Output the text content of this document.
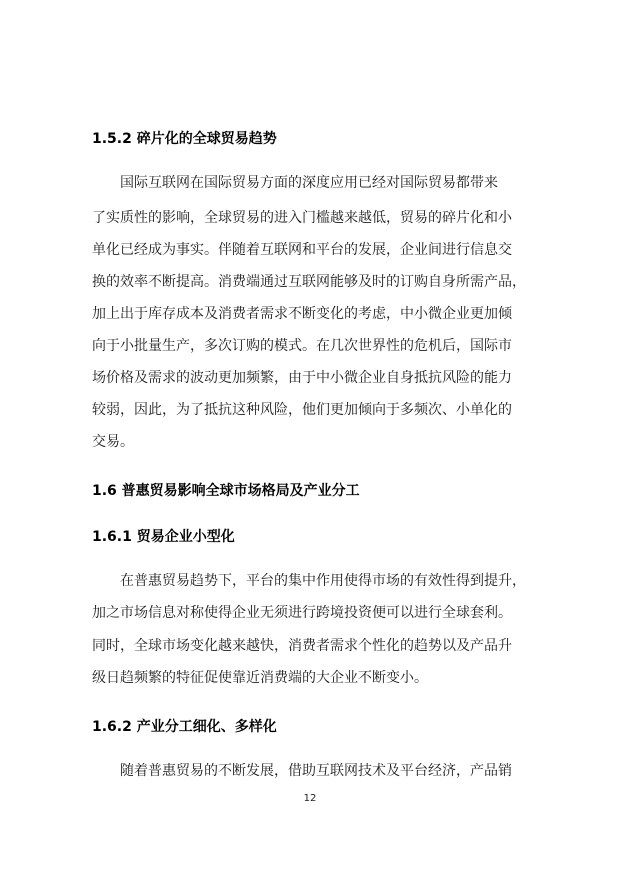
1.5.2 碎片化的全球贸易趋势
国际互联网在国际贸易方面的深度应用已经对国际贸易都带来
了实质性的影响，全球贸易的进入门槛越来越低，贸易的碎片化和小
单化已经成为事实。伴随着互联网和平台的发展，企业间进行信息交
换的效率不断提高。消费端通过互联网能够及时的订购自身所需产品，
加上出于库存成本及消费者需求不断变化的考虑，中小微企业更加倾
向于小批量生产，多次订购的模式。在几次世界性的危机后，国际市
场价格及需求的波动更加频繁，由于中小微企业自身抵抗风险的能力
较弱，因此，为了抵抗这种风险，他们更加倾向于多频次、小单化的
交易。
1.6 普惠贸易影响全球市场格局及产业分工
1.6.1 贸易企业小型化
在普惠贸易趋势下，平台的集中作用使得市场的有效性得到提升，
加之市场信息对称使得企业无须进行跨境投资便可以进行全球套利。
同时，全球市场变化越来越快，消费者需求个性化的趋势以及产品升
级日趋频繁的特征促使靠近消费端的大企业不断变小。
1.6.2 产业分工细化、多样化
随着普惠贸易的不断发展，借助互联网技术及平台经济，产品销
12
